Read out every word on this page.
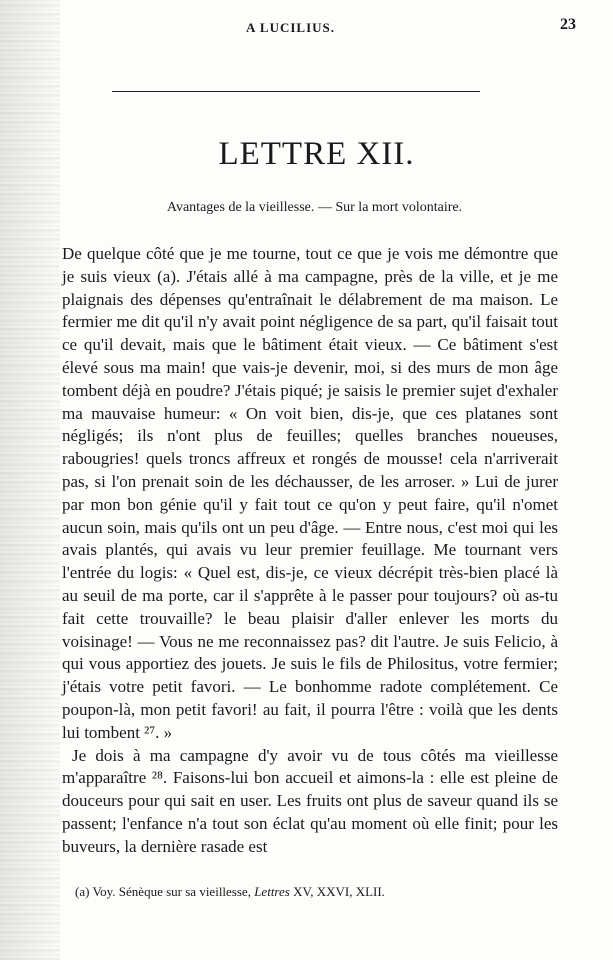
A LUCILIUS.	23
LETTRE XII.
Avantages de la vieillesse. — Sur la mort volontaire.

De quelque côté que je me tourne, tout ce que je vois me démontre que je suis vieux (a). J'étais allé à ma campagne, près de la ville, et je me plaignais des dépenses qu'entraînait le délabrement de ma maison. Le fermier me dit qu'il n'y avait point négligence de sa part, qu'il faisait tout ce qu'il devait, mais que le bâtiment était vieux. — Ce bâtiment s'est élevé sous ma main! que vais-je devenir, moi, si des murs de mon âge tombent déjà en poudre? J'étais piqué; je saisis le premier sujet d'exhaler ma mauvaise humeur: « On voit bien, dis-je, que ces platanes sont négligés; ils n'ont plus de feuilles; quelles branches noueuses, rabougries! quels troncs affreux et rongés de mousse! cela n'arriverait pas, si l'on prenait soin de les déchausser, de les arroser. » Lui de jurer par mon bon génie qu'il y fait tout ce qu'on y peut faire, qu'il n'omet aucun soin, mais qu'ils ont un peu d'âge. — Entre nous, c'est moi qui les avais plantés, qui avais vu leur premier feuillage. Me tournant vers l'entrée du logis: « Quel est, dis-je, ce vieux décrépit très-bien placé là au seuil de ma porte, car il s'apprête à le passer pour toujours? où as-tu fait cette trouvaille? le beau plaisir d'aller enlever les morts du voisinage! — Vous ne me reconnaissez pas? dit l'autre. Je suis Felicio, à qui vous apportiez des jouets. Je suis le fils de Philositus, votre fermier; j'étais votre petit favori. — Le bonhomme radote complétement. Ce poupon-là, mon petit favori! au fait, il pourra l'être : voilà que les dents lui tombent ²⁷. »

Je dois à ma campagne d'y avoir vu de tous côtés ma vieillesse m'apparaître ²⁸. Faisons-lui bon accueil et aimons-la : elle est pleine de douceurs pour qui sait en user. Les fruits ont plus de saveur quand ils se passent; l'enfance n'a tout son éclat qu'au moment où elle finit; pour les buveurs, la dernière rasade est

(a) Voy. Sénèque sur sa vieillesse, Lettres XV, XXVI, XLII.
